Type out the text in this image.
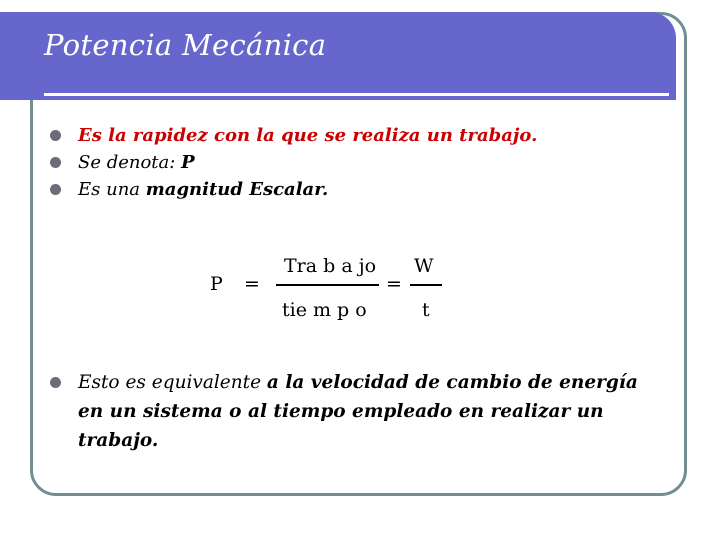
Potencia Mecánica
Es la rapidez con la que se realiza un trabajo.
Se denota: P
Es una magnitud Escalar.
P =
Tra b a jo
tie m p o
=
W
t
Esto es equivalente a la velocidad de cambio de energía en un sistema o al tiempo empleado en realizar un trabajo.
